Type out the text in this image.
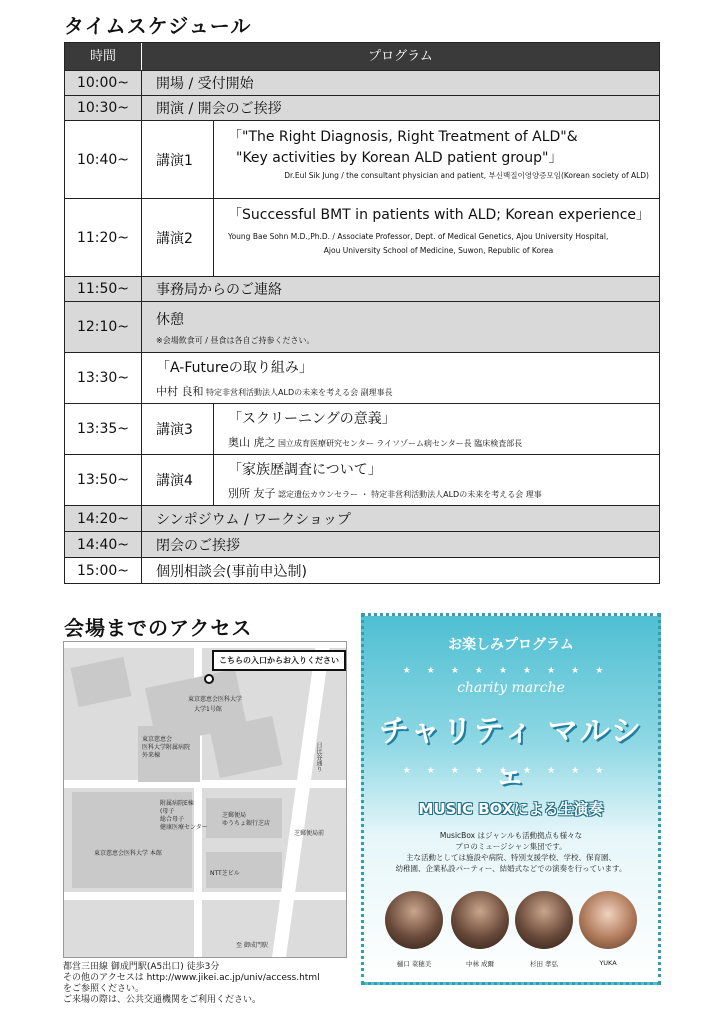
タイムスケジュール
時間	プログラム
10:00~	開場 / 受付開始
10:30~	開演 / 開会のご挨拶
10:40~	講演1
「"The Right Diagnosis, Right Treatment of ALD"&
"Key activities by Korean ALD patient group"」
Dr.Eul Sik Jung / the consultant physician and patient, 부신백질이영양증모임(Korean society of ALD)
11:20~	講演2
「Successful BMT in patients with ALD; Korean experience」
Young Bae Sohn M.D.,Ph.D. / Associate Professor, Dept. of Medical Genetics, Ajou University Hospital,
Ajou University School of Medicine, Suwon, Republic of Korea
11:50~	事務局からのご連絡
12:10~	休憩
※会場飲食可 / 昼食は各自ご持参ください。
13:30~
「A-Futureの取り組み」
中村 良和 特定非営利活動法人ALDの未来を考える会 副理事長
13:35~	講演3
「スクリーニングの意義」
奥山 虎之 国立成育医療研究センター ライソゾーム病センター長 臨床検査部長
13:50~	講演4
「家族歴調査について」
別所 友子 認定遺伝カウンセラー ・ 特定非営利活動法人ALDの未来を考える会 理事
14:20~	シンポジウム / ワークショップ
14:40~	閉会のご挨拶
15:00~	個別相談会(事前申込制)
会場までのアクセス
東京慈恵会医科大学
大学1号館
東京慈恵会
医科大学附属病院
外来棟
附属病院E棟
(母子
総合母子
健康医療センター
東京慈恵会医科大学 本館
芝郵便局
ゆうちょ銀行芝店
芝郵便局前
NTT芝ビル
日比谷通り
至 御成門駅
こちらの入口からお入りください
都営三田線 御成門駅(A5出口) 徒歩3分
その他のアクセスは http://www.jikei.ac.jp/univ/access.html
をご参照ください。
ご来場の際は、公共交通機関をご利用ください。
お楽しみプログラム
★★★★★★★★★
charity marche
チャリティ マルシェ
★★★★★★★★★
MUSIC BOXによる生演奏
MusicBox はジャンルも活動拠点も様々な
プロのミュージシャン集団です。
主な活動としては施設や病院、特別支援学校、学校、保育園、
幼稚園、企業私設パーティー、結婚式などでの演奏を行っています。
樋口 菜穂美	中林 成爾	杉田 孝弘	YUKA
